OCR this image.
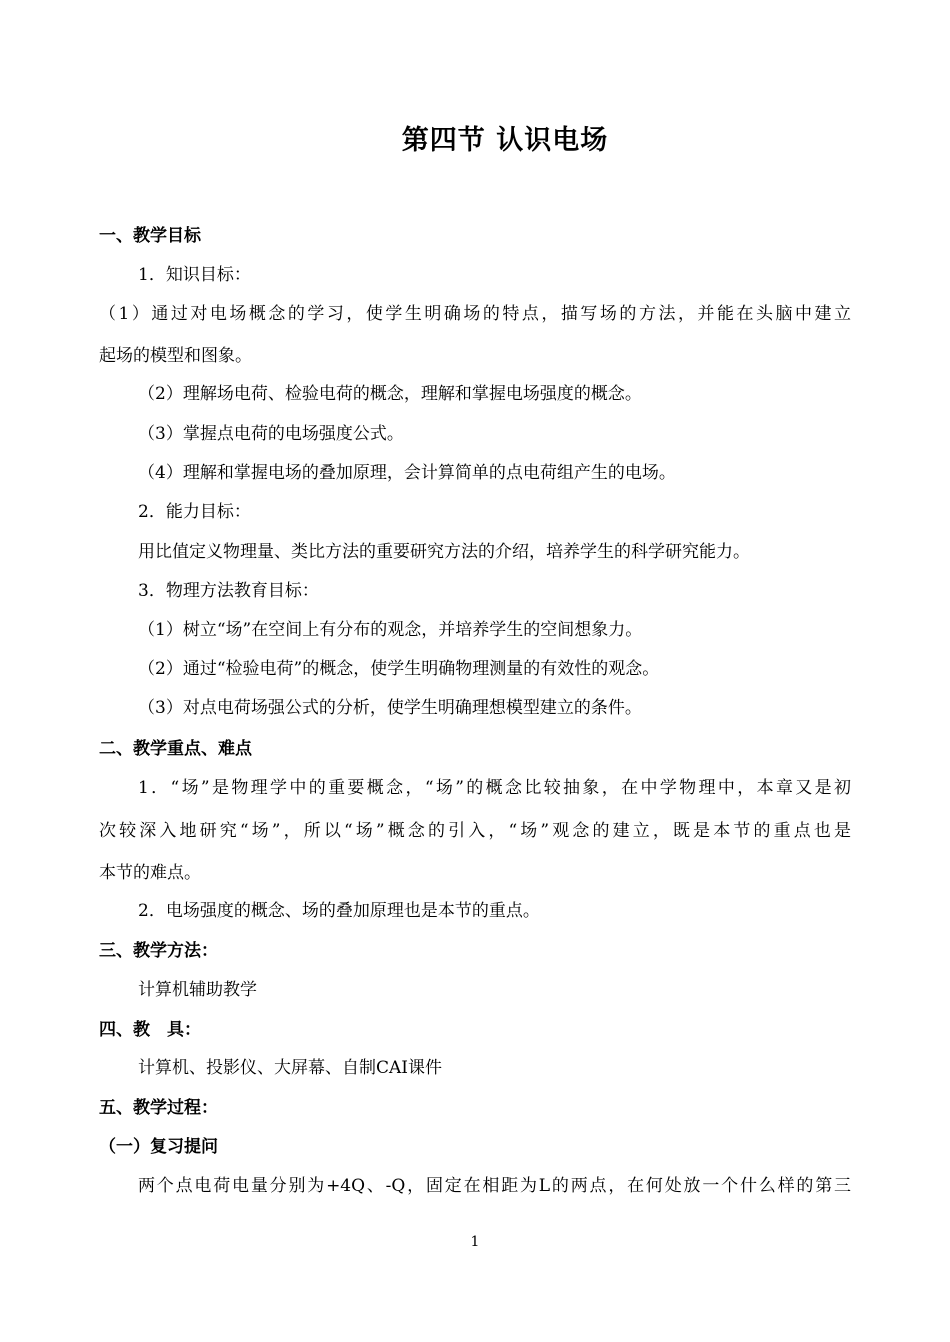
第四节 认识电场
一、教学目标
1．知识目标：
（1）通过对电场概念的学习，使学生明确场的特点，描写场的方法，并能在头脑中建立
起场的模型和图象。
（2）理解场电荷、检验电荷的概念，理解和掌握电场强度的概念。
（3）掌握点电荷的电场强度公式。
（4）理解和掌握电场的叠加原理，会计算简单的点电荷组产生的电场。
2．能力目标：
用比值定义物理量、类比方法的重要研究方法的介绍，培养学生的科学研究能力。
3．物理方法教育目标：
（1）树立“场”在空间上有分布的观念，并培养学生的空间想象力。
（2）通过“检验电荷”的概念，使学生明确物理测量的有效性的观念。
（3）对点电荷场强公式的分析，使学生明确理想模型建立的条件。
二、教学重点、难点
1．“场”是物理学中的重要概念，“场”的概念比较抽象，在中学物理中，本章又是初
次较深入地研究“场”，所以“场”概念的引入，“场”观念的建立，既是本节的重点也是
本节的难点。
2．电场强度的概念、场的叠加原理也是本节的重点。
三、教学方法：
计算机辅助教学
四、教　具：
计算机、投影仪、大屏幕、自制CAI课件
五、教学过程：
（一）复习提问
两个点电荷电量分别为+4Q、-Q，固定在相距为L的两点，在何处放一个什么样的第三
1
